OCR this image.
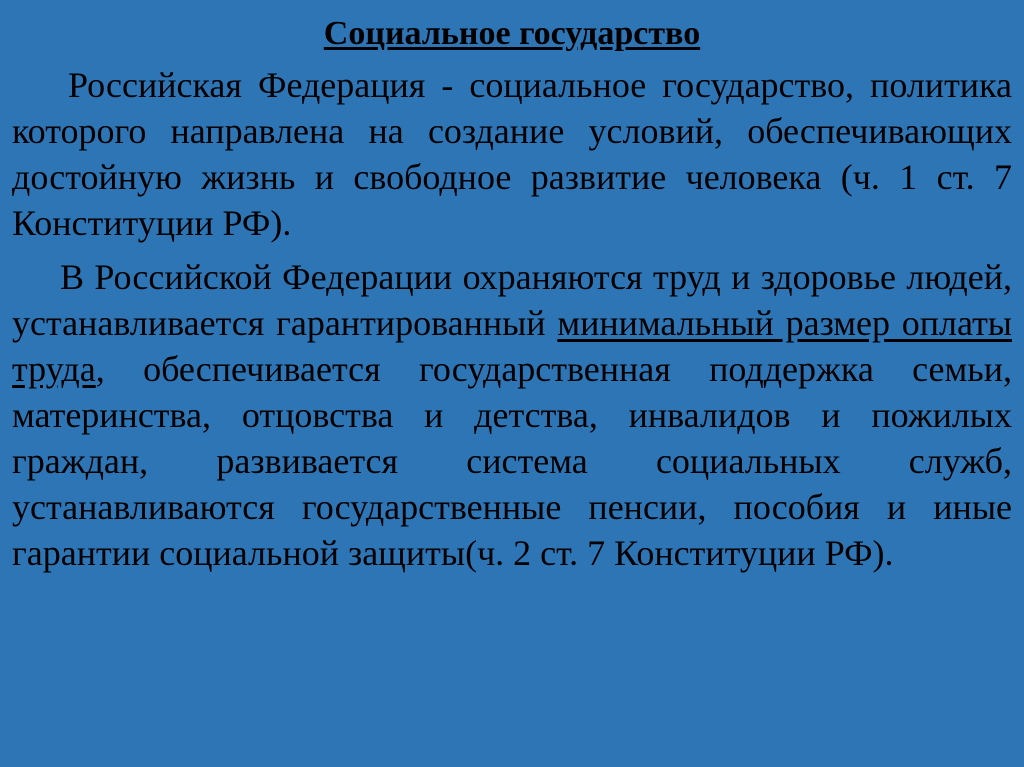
Социальное государство

Российская Федерация - социальное государство, политика которого направлена на создание условий, обеспечивающих достойную жизнь и свободное развитие человека (ч. 1 ст. 7 Конституции РФ).

В Российской Федерации охраняются труд и здоровье людей, устанавливается гарантированный минимальный размер оплаты труда, обеспечивается государственная поддержка семьи, материнства, отцовства и детства, инвалидов и пожилых граждан, развивается система социальных служб, устанавливаются государственные пенсии, пособия и иные гарантии социальной защиты(ч. 2 ст. 7 Конституции РФ).
